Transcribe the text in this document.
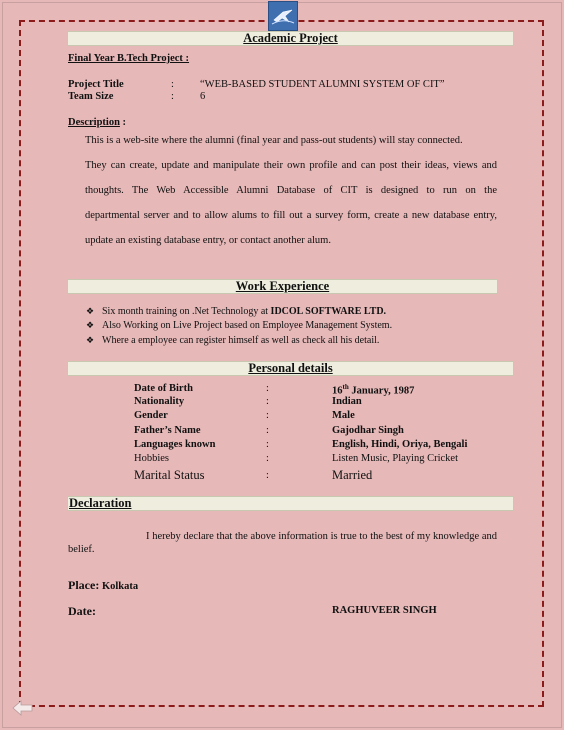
Academic Project
Final Year B.Tech Project :
Project Title	: “WEB-BASED STUDENT ALUMNI SYSTEM OF CIT”
Team Size	: 6
Description :
This is a web-site where the alumni (final year and pass-out students) will stay connected.
They can create, update and manipulate their own profile and can post their ideas, views and
thoughts. The Web Accessible Alumni Database of CIT is designed to run on the
departmental server and to allow alums to fill out a survey form, create a new database entry,
update an existing database entry, or contact another alum.
Work Experience
❖ Six month training on .Net Technology at IDCOL SOFTWARE LTD.
❖ Also Working on Live Project based on Employee Management System.
❖ Where a employee can register himself as well as check all his detail.
Personal details
Date of Birth	:	16th January, 1987
Nationality	:	Indian
Gender	:	Male
Father’s Name	:	Gajodhar Singh
Languages known	:	English, Hindi, Oriya, Bengali
Hobbies	:	Listen Music, Playing Cricket
Marital Status	:	Married
Declaration
I hereby declare that the above information is true to the best of my knowledge and belief.
Place: Kolkata
Date:	RAGHUVEER SINGH
